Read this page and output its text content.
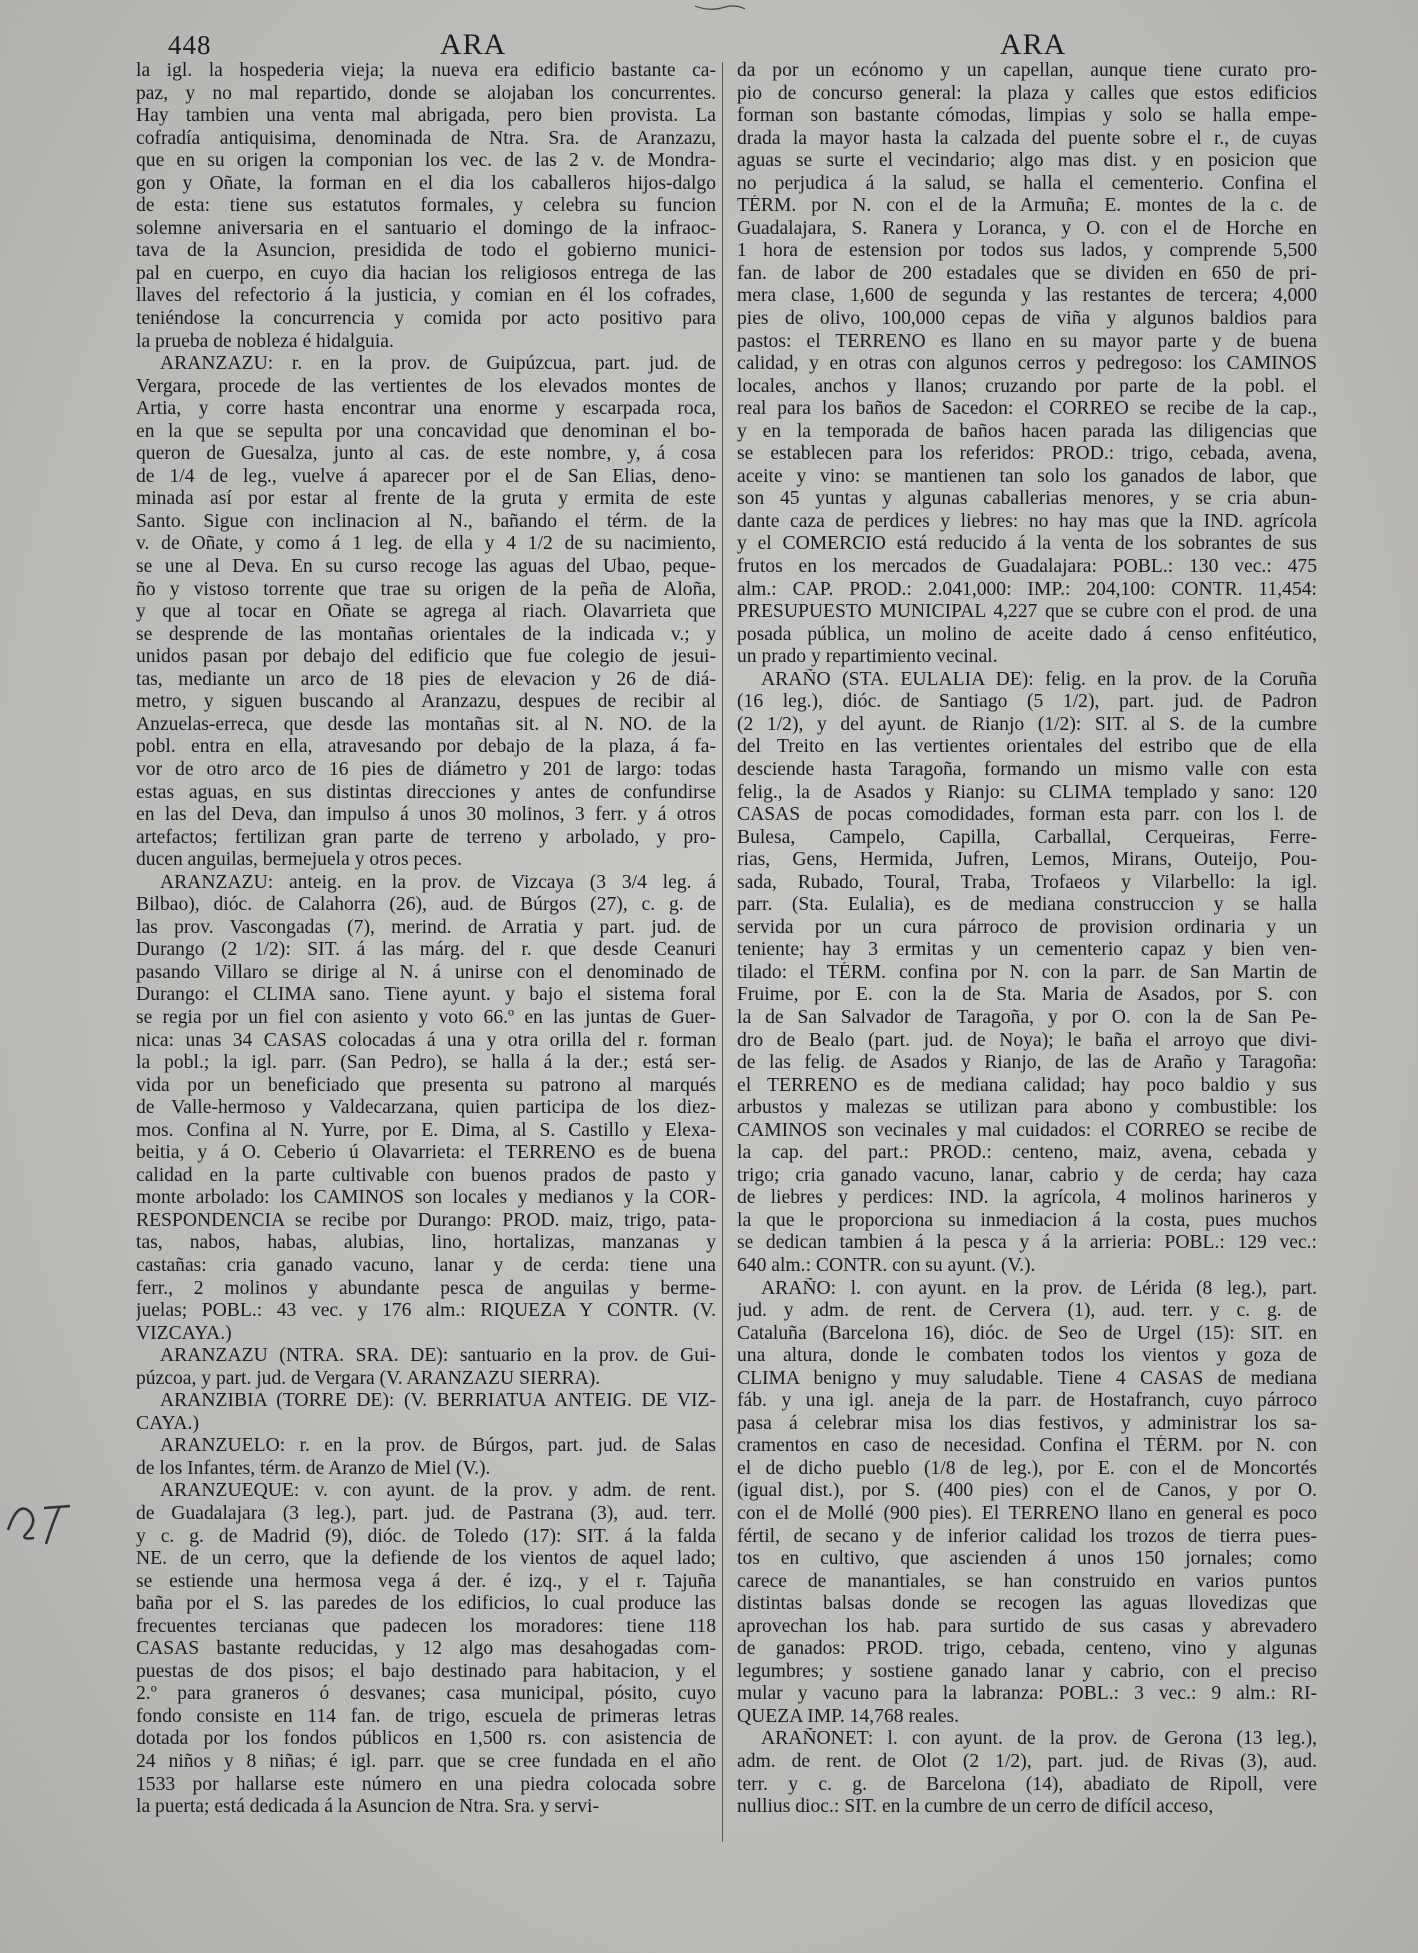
448	ARA	ARA
la igl. la hospederia vieja; la nueva era edificio bastante ca-
paz, y no mal repartido, donde se alojaban los concurrentes.
Hay tambien una venta mal abrigada, pero bien provista. La
cofradía antiquisima, denominada de Ntra. Sra. de Aranzazu,
que en su origen la componian los vec. de las 2 v. de Mondra-
gon y Oñate, la forman en el dia los caballeros hijos-dalgo
de esta: tiene sus estatutos formales, y celebra su funcion
solemne aniversaria en el santuario el domingo de la infraoc-
tava de la Asuncion, presidida de todo el gobierno munici-
pal en cuerpo, en cuyo dia hacian los religiosos entrega de las
llaves del refectorio á la justicia, y comian en él los cofrades,
teniéndose la concurrencia y comida por acto positivo para
la prueba de nobleza é hidalguia.
ARANZAZU: r. en la prov. de Guipúzcua, part. jud. de
Vergara, procede de las vertientes de los elevados montes de
Artia, y corre hasta encontrar una enorme y escarpada roca,
en la que se sepulta por una concavidad que denominan el bo-
queron de Guesalza, junto al cas. de este nombre, y, á cosa
de 1/4 de leg., vuelve á aparecer por el de San Elias, deno-
minada así por estar al frente de la gruta y ermita de este
Santo. Sigue con inclinacion al N., bañando el térm. de la
v. de Oñate, y como á 1 leg. de ella y 4 1/2 de su nacimiento,
se une al Deva. En su curso recoge las aguas del Ubao, peque-
ño y vistoso torrente que trae su origen de la peña de Aloña,
y que al tocar en Oñate se agrega al riach. Olavarrieta que
se desprende de las montañas orientales de la indicada v.; y
unidos pasan por debajo del edificio que fue colegio de jesui-
tas, mediante un arco de 18 pies de elevacion y 26 de diá-
metro, y siguen buscando al Aranzazu, despues de recibir al
Anzuelas-erreca, que desde las montañas sit. al N. NO. de la
pobl. entra en ella, atravesando por debajo de la plaza, á fa-
vor de otro arco de 16 pies de diámetro y 201 de largo: todas
estas aguas, en sus distintas direcciones y antes de confundirse
en las del Deva, dan impulso á unos 30 molinos, 3 ferr. y á otros
artefactos; fertilizan gran parte de terreno y arbolado, y pro-
ducen anguilas, bermejuela y otros peces.
ARANZAZU: anteig. en la prov. de Vizcaya (3 3/4 leg. á
Bilbao), dióc. de Calahorra (26), aud. de Búrgos (27), c. g. de
las prov. Vascongadas (7), merind. de Arratia y part. jud. de
Durango (2 1/2): SIT. á las márg. del r. que desde Ceanuri
pasando Villaro se dirige al N. á unirse con el denominado de
Durango: el CLIMA sano. Tiene ayunt. y bajo el sistema foral
se regia por un fiel con asiento y voto 66.º en las juntas de Guer-
nica: unas 34 CASAS colocadas á una y otra orilla del r. forman
la pobl.; la igl. parr. (San Pedro), se halla á la der.; está ser-
vida por un beneficiado que presenta su patrono al marqués
de Valle-hermoso y Valdecarzana, quien participa de los diez-
mos. Confina al N. Yurre, por E. Dima, al S. Castillo y Elexa-
beitia, y á O. Ceberio ú Olavarrieta: el TERRENO es de buena
calidad en la parte cultivable con buenos prados de pasto y
monte arbolado: los CAMINOS son locales y medianos y la COR-
RESPONDENCIA se recibe por Durango: PROD. maiz, trigo, pata-
tas, nabos, habas, alubias, lino, hortalizas, manzanas y
castañas: cria ganado vacuno, lanar y de cerda: tiene una
ferr., 2 molinos y abundante pesca de anguilas y berme-
juelas; POBL.: 43 vec. y 176 alm.: RIQUEZA Y CONTR. (V.
VIZCAYA.)
ARANZAZU (NTRA. SRA. DE): santuario en la prov. de Gui-
púzcoa, y part. jud. de Vergara (V. ARANZAZU SIERRA).
ARANZIBIA (TORRE DE): (V. BERRIATUA ANTEIG. DE VIZ-
CAYA.)
ARANZUELO: r. en la prov. de Búrgos, part. jud. de Salas
de los Infantes, térm. de Aranzo de Miel (V.).
ARANZUEQUE: v. con ayunt. de la prov. y adm. de rent.
de Guadalajara (3 leg.), part. jud. de Pastrana (3), aud. terr.
y c. g. de Madrid (9), dióc. de Toledo (17): SIT. á la falda
NE. de un cerro, que la defiende de los vientos de aquel lado;
se estiende una hermosa vega á der. é izq., y el r. Tajuña
baña por el S. las paredes de los edificios, lo cual produce las
frecuentes tercianas que padecen los moradores: tiene 118
CASAS bastante reducidas, y 12 algo mas desahogadas com-
puestas de dos pisos; el bajo destinado para habitacion, y el
2.º para graneros ó desvanes; casa municipal, pósito, cuyo
fondo consiste en 114 fan. de trigo, escuela de primeras letras
dotada por los fondos públicos en 1,500 rs. con asistencia de
24 niños y 8 niñas; é igl. parr. que se cree fundada en el año
1533 por hallarse este número en una piedra colocada sobre
la puerta; está dedicada á la Asuncion de Ntra. Sra. y servi-
da por un ecónomo y un capellan, aunque tiene curato pro-
pio de concurso general: la plaza y calles que estos edificios
forman son bastante cómodas, limpias y solo se halla empe-
drada la mayor hasta la calzada del puente sobre el r., de cuyas
aguas se surte el vecindario; algo mas dist. y en posicion que
no perjudica á la salud, se halla el cementerio. Confina el
TÉRM. por N. con el de la Armuña; E. montes de la c. de
Guadalajara, S. Ranera y Loranca, y O. con el de Horche en
1 hora de estension por todos sus lados, y comprende 5,500
fan. de labor de 200 estadales que se dividen en 650 de pri-
mera clase, 1,600 de segunda y las restantes de tercera; 4,000
pies de olivo, 100,000 cepas de viña y algunos baldios para
pastos: el TERRENO es llano en su mayor parte y de buena
calidad, y en otras con algunos cerros y pedregoso: los CAMINOS
locales, anchos y llanos; cruzando por parte de la pobl. el
real para los baños de Sacedon: el CORREO se recibe de la cap.,
y en la temporada de baños hacen parada las diligencias que
se establecen para los referidos: PROD.: trigo, cebada, avena,
aceite y vino: se mantienen tan solo los ganados de labor, que
son 45 yuntas y algunas caballerias menores, y se cria abun-
dante caza de perdices y liebres: no hay mas que la IND. agrícola
y el COMERCIO está reducido á la venta de los sobrantes de sus
frutos en los mercados de Guadalajara: POBL.: 130 vec.: 475
alm.: CAP. PROD.: 2.041,000: IMP.: 204,100: CONTR. 11,454:
PRESUPUESTO MUNICIPAL 4,227 que se cubre con el prod. de una
posada pública, un molino de aceite dado á censo enfitéutico,
un prado y repartimiento vecinal.
ARAÑO (STA. EULALIA DE): felig. en la prov. de la Coruña
(16 leg.), dióc. de Santiago (5 1/2), part. jud. de Padron
(2 1/2), y del ayunt. de Rianjo (1/2): SIT. al S. de la cumbre
del Treito en las vertientes orientales del estribo que de ella
desciende hasta Taragoña, formando un mismo valle con esta
felig., la de Asados y Rianjo: su CLIMA templado y sano: 120
CASAS de pocas comodidades, forman esta parr. con los l. de
Bulesa, Campelo, Capilla, Carballal, Cerqueiras, Ferre-
rias, Gens, Hermida, Jufren, Lemos, Mirans, Outeijo, Pou-
sada, Rubado, Toural, Traba, Trofaeos y Vilarbello: la igl.
parr. (Sta. Eulalia), es de mediana construccion y se halla
servida por un cura párroco de provision ordinaria y un
teniente; hay 3 ermitas y un cementerio capaz y bien ven-
tilado: el TÉRM. confina por N. con la parr. de San Martin de
Fruime, por E. con la de Sta. Maria de Asados, por S. con
la de San Salvador de Taragoña, y por O. con la de San Pe-
dro de Bealo (part. jud. de Noya); le baña el arroyo que divi-
de las felig. de Asados y Rianjo, de las de Araño y Taragoña:
el TERRENO es de mediana calidad; hay poco baldio y sus
arbustos y malezas se utilizan para abono y combustible: los
CAMINOS son vecinales y mal cuidados: el CORREO se recibe de
la cap. del part.: PROD.: centeno, maiz, avena, cebada y
trigo; cria ganado vacuno, lanar, cabrio y de cerda; hay caza
de liebres y perdices: IND. la agrícola, 4 molinos harineros y
la que le proporciona su inmediacion á la costa, pues muchos
se dedican tambien á la pesca y á la arrieria: POBL.: 129 vec.:
640 alm.: CONTR. con su ayunt. (V.).
ARAÑO: l. con ayunt. en la prov. de Lérida (8 leg.), part.
jud. y adm. de rent. de Cervera (1), aud. terr. y c. g. de
Cataluña (Barcelona 16), dióc. de Seo de Urgel (15): SIT. en
una altura, donde le combaten todos los vientos y goza de
CLIMA benigno y muy saludable. Tiene 4 CASAS de mediana
fáb. y una igl. aneja de la parr. de Hostafranch, cuyo párroco
pasa á celebrar misa los dias festivos, y administrar los sa-
cramentos en caso de necesidad. Confina el TÉRM. por N. con
el de dicho pueblo (1/8 de leg.), por E. con el de Moncortés
(igual dist.), por S. (400 pies) con el de Canos, y por O.
con el de Mollé (900 pies). El TERRENO llano en general es poco
fértil, de secano y de inferior calidad los trozos de tierra pues-
tos en cultivo, que ascienden á unos 150 jornales; como
carece de manantiales, se han construido en varios puntos
distintas balsas donde se recogen las aguas llovedizas que
aprovechan los hab. para surtido de sus casas y abrevadero
de ganados: PROD. trigo, cebada, centeno, vino y algunas
legumbres; y sostiene ganado lanar y cabrio, con el preciso
mular y vacuno para la labranza: POBL.: 3 vec.: 9 alm.: RI-
QUEZA IMP. 14,768 reales.
ARAÑONET: l. con ayunt. de la prov. de Gerona (13 leg.),
adm. de rent. de Olot (2 1/2), part. jud. de Rivas (3), aud.
terr. y c. g. de Barcelona (14), abadiato de Ripoll, vere
nullius dioc.: SIT. en la cumbre de un cerro de difícil acceso,
